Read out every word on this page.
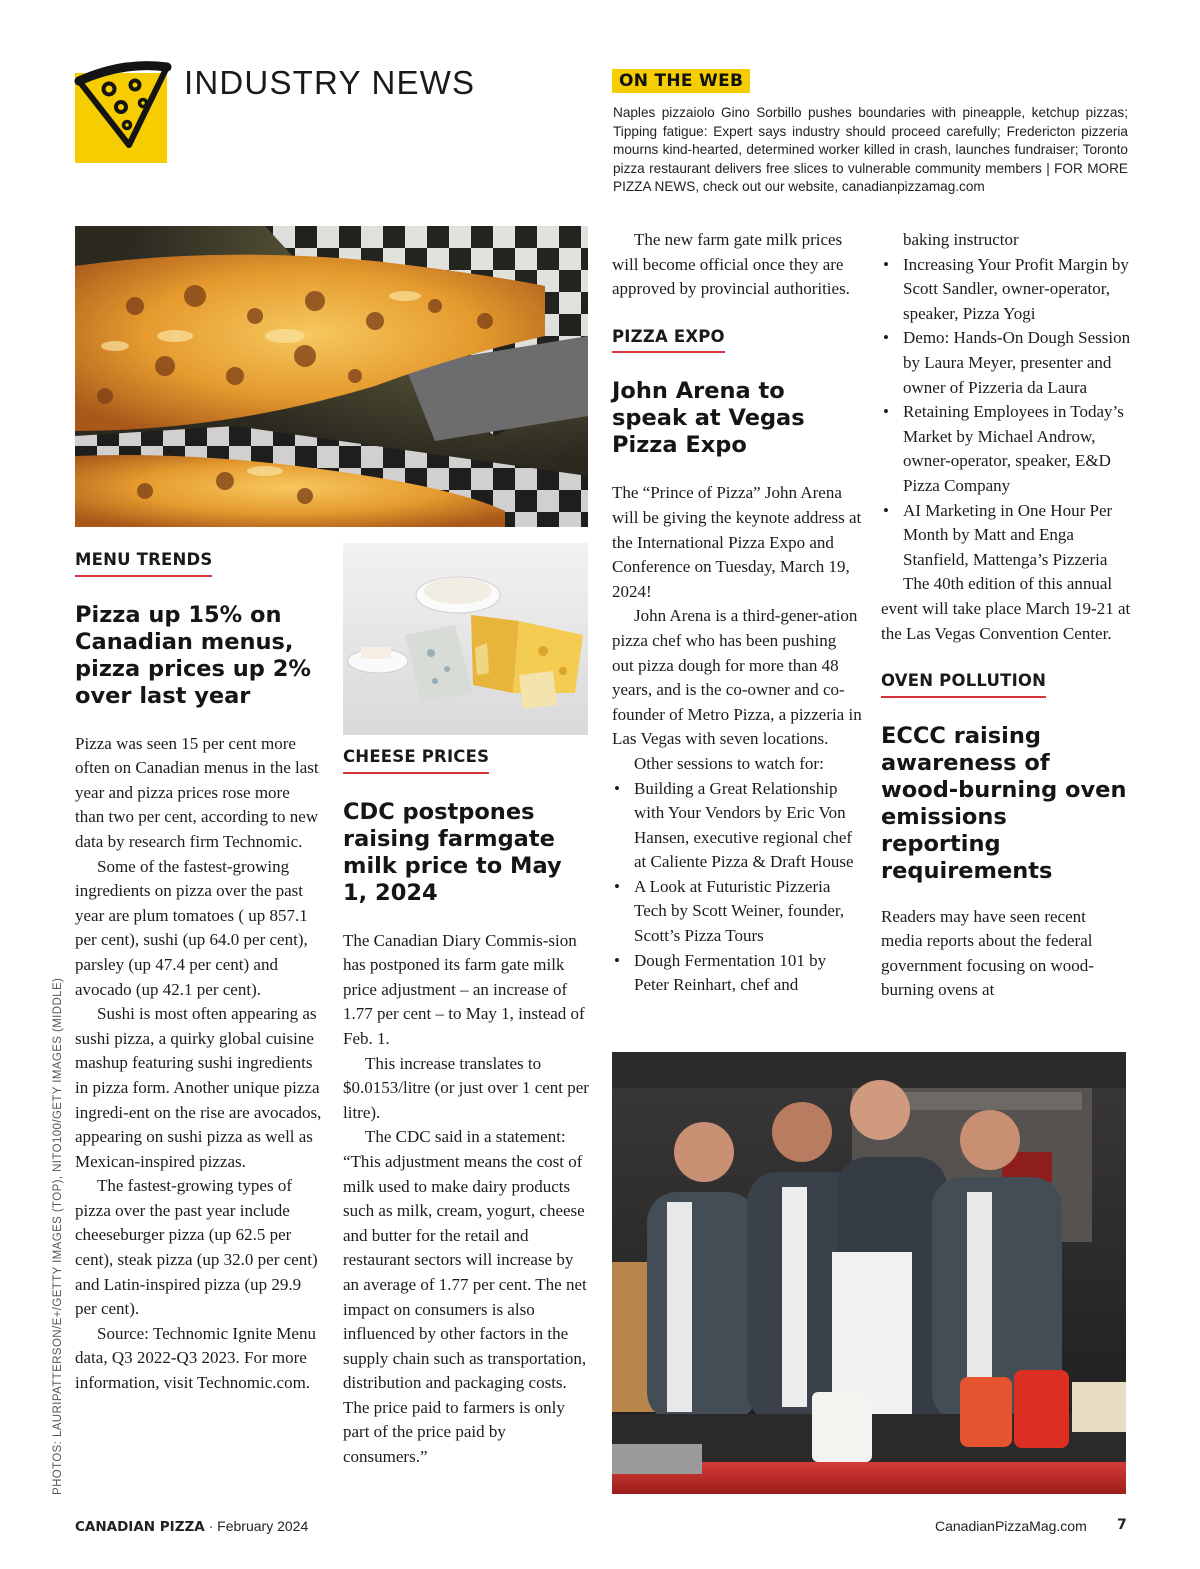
INDUSTRY NEWS	ON THE WEB
Naples pizzaiolo Gino Sorbillo pushes boundaries with pineapple, ketchup pizzas; Tipping fatigue: Expert says industry should proceed carefully; Fredericton pizzeria mourns kind-hearted, determined worker killed in crash, launches fundraiser; Toronto pizza restaurant delivers free slices to vulnerable community members | FOR MORE PIZZA NEWS, check out our website, canadianpizzamag.com
MENU TRENDS
Pizza up 15% on Canadian menus, pizza prices up 2% over last year

Pizza was seen 15 per cent more often on Canadian menus in the last year and pizza prices rose more than two per cent, according to new data by research firm Technomic.

Some of the fastest-growing ingredients on pizza over the past year are plum tomatoes ( up 857.1 per cent), sushi (up 64.0 per cent), parsley (up 47.4 per cent) and avocado (up 42.1 per cent).

Sushi is most often appearing as sushi pizza, a quirky global cuisine mashup featuring sushi ingredients in pizza form. Another unique pizza ingredi-ent on the rise are avocados, appearing on sushi pizza as well as Mexican-inspired pizzas.

The fastest-growing types of pizza over the past year include cheeseburger pizza (up 62.5 per cent), steak pizza (up 32.0 per cent) and Latin-inspired pizza (up 29.9 per cent).

Source: Technomic Ignite Menu data, Q3 2022-Q3 2023. For more information, visit Technomic.com.

CHEESE PRICES
CDC postpones raising farmgate milk price to May 1, 2024

The Canadian Diary Commis-sion has postponed its farm gate milk price adjustment – an increase of 1.77 per cent – to May 1, instead of Feb. 1.

This increase translates to $0.0153/litre (or just over 1 cent per litre).

The CDC said in a statement: “This adjustment means the cost of milk used to make dairy products such as milk, cream, yogurt, cheese and butter for the retail and restaurant sectors will increase by an average of 1.77 per cent. The net impact on consumers is also influenced by other factors in the supply chain such as transportation, distribution and packaging costs. The price paid to farmers is only part of the price paid by consumers.”

The new farm gate milk prices will become official once they are approved by provincial authorities.

PIZZA EXPO
John Arena to speak at Vegas Pizza Expo

The “Prince of Pizza” John Arena will be giving the keynote address at the International Pizza Expo and Conference on Tuesday, March 19, 2024!

John Arena is a third-gener-ation pizza chef who has been pushing out pizza dough for more than 48 years, and is the co-owner and co-founder of Metro Pizza, a pizzeria in Las Vegas with seven locations.

Other sessions to watch for:

• Building a Great Relationship with Your Vendors by Eric Von Hansen, executive regional chef at Caliente Pizza & Draft House
• A Look at Futuristic Pizzeria Tech by Scott Weiner, founder, Scott’s Pizza Tours
• Dough Fermentation 101 by Peter Reinhart, chef and

baking instructor

• Increasing Your Profit Margin by Scott Sandler, owner-operator, speaker, Pizza Yogi
• Demo: Hands-On Dough Session by Laura Meyer, presenter and owner of Pizzeria da Laura
• Retaining Employees in Today’s Market by Michael Androw, owner-operator, speaker, E&D Pizza Company
• AI Marketing in One Hour Per Month by Matt and Enga Stanfield, Mattenga’s Pizzeria

The 40th edition of this annual event will take place March 19-21 at the Las Vegas Convention Center.

OVEN POLLUTION
ECCC raising awareness of wood-burning oven emissions reporting requirements

Readers may have seen recent media reports about the federal government focusing on wood-burning ovens at

PHOTOS: LAURIPATTERSON/E+/GETTY IMAGES (TOP), NITO100/GETY IMAGES (MIDDLE)
CANADIAN PIZZA · February 2024	CanadianPizzaMag.com 7
